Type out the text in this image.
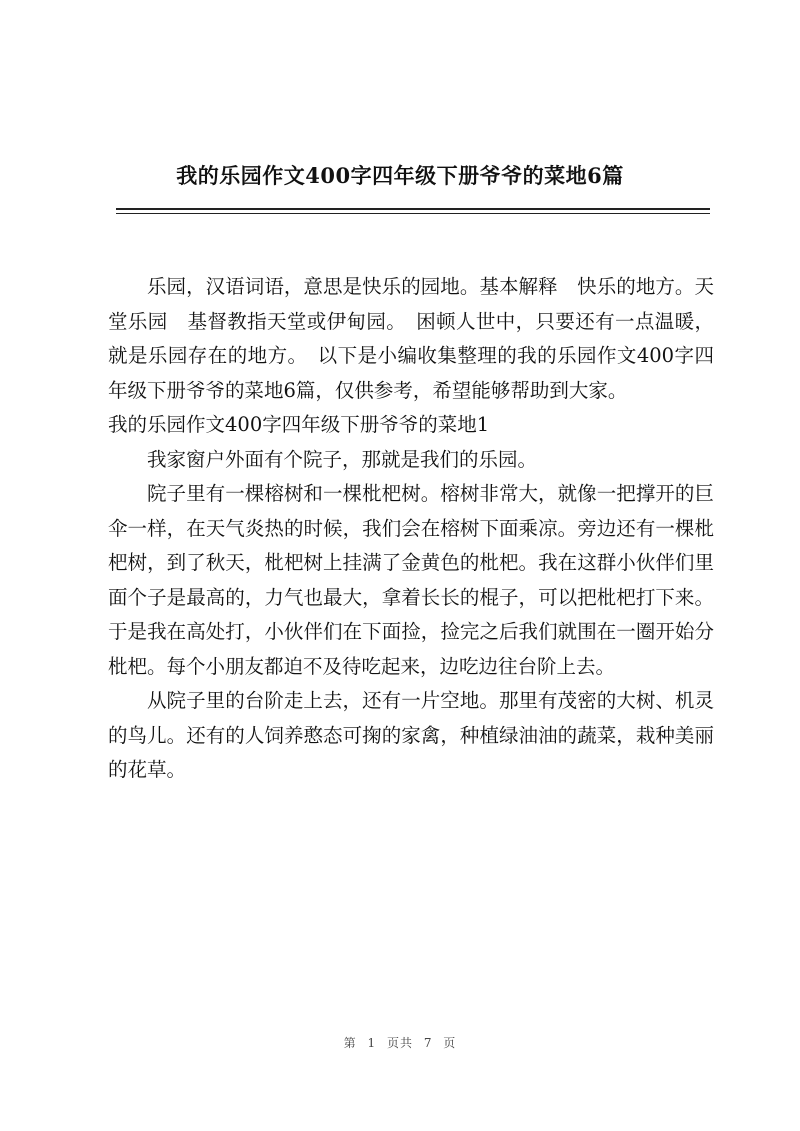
我的乐园作文400字四年级下册爷爷的菜地6篇

乐园，汉语词语，意思是快乐的园地。基本解释　快乐的地方。天堂乐园　基督教指天堂或伊甸园。　困顿人世中，只要还有一点温暖，就是乐园存在的地方。　以下是小编收集整理的我的乐园作文400字四年级下册爷爷的菜地6篇，仅供参考，希望能够帮助到大家。

我的乐园作文400字四年级下册爷爷的菜地1

我家窗户外面有个院子，那就是我们的乐园。

院子里有一棵榕树和一棵枇杷树。榕树非常大，就像一把撑开的巨伞一样，在天气炎热的时候，我们会在榕树下面乘凉。旁边还有一棵枇杷树，到了秋天，枇杷树上挂满了金黄色的枇杷。我在这群小伙伴们里面个子是最高的，力气也最大，拿着长长的棍子，可以把枇杷打下来。于是我在高处打，小伙伴们在下面捡，捡完之后我们就围在一圈开始分枇杷。每个小朋友都迫不及待吃起来，边吃边往台阶上去。

从院子里的台阶走上去，还有一片空地。那里有茂密的大树、机灵的鸟儿。还有的人饲养憨态可掬的家禽，种植绿油油的蔬菜，栽种美丽的花草。

第 1 页共 7 页
